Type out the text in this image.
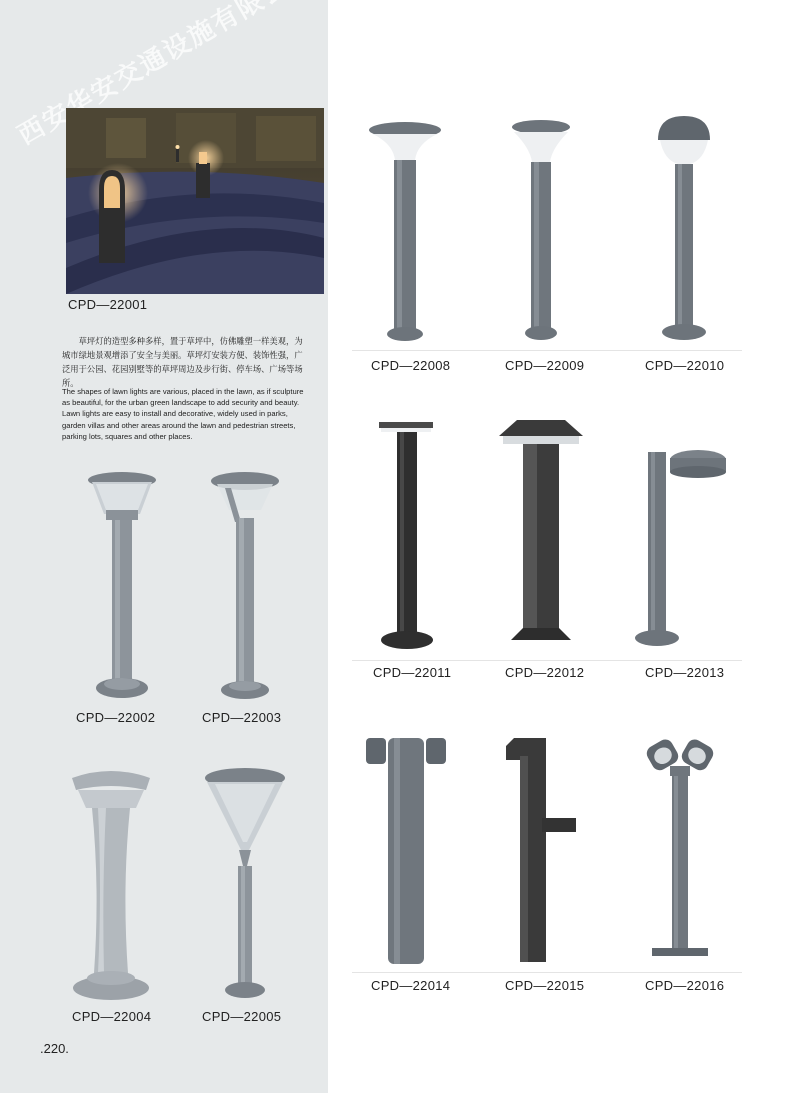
CPD—22001
草坪灯的造型多种多样，置于草坪中，仿佛雕塑一样美观，为城市绿地景观增添了安全与美丽。草坪灯安装方便、装饰性强，广泛用于公园、花园别墅等的草坪周边及步行街、停车场、广场等场所。
The shapes of lawn lights are various, placed in the lawn, as if sculpture as beautiful, for the urban green landscape to add security and beauty. Lawn lights are easy to install and decorative, widely used in parks, garden villas and other areas around the lawn and pedestrian streets, parking lots, squares and other places.
CPD—22002	CPD—22003
CPD—22004	CPD—22005
CPD—22008	CPD—22009	CPD—22010
CPD—22011	CPD—22012	CPD—22013
CPD—22014	CPD—22015	CPD—22016
.220.
